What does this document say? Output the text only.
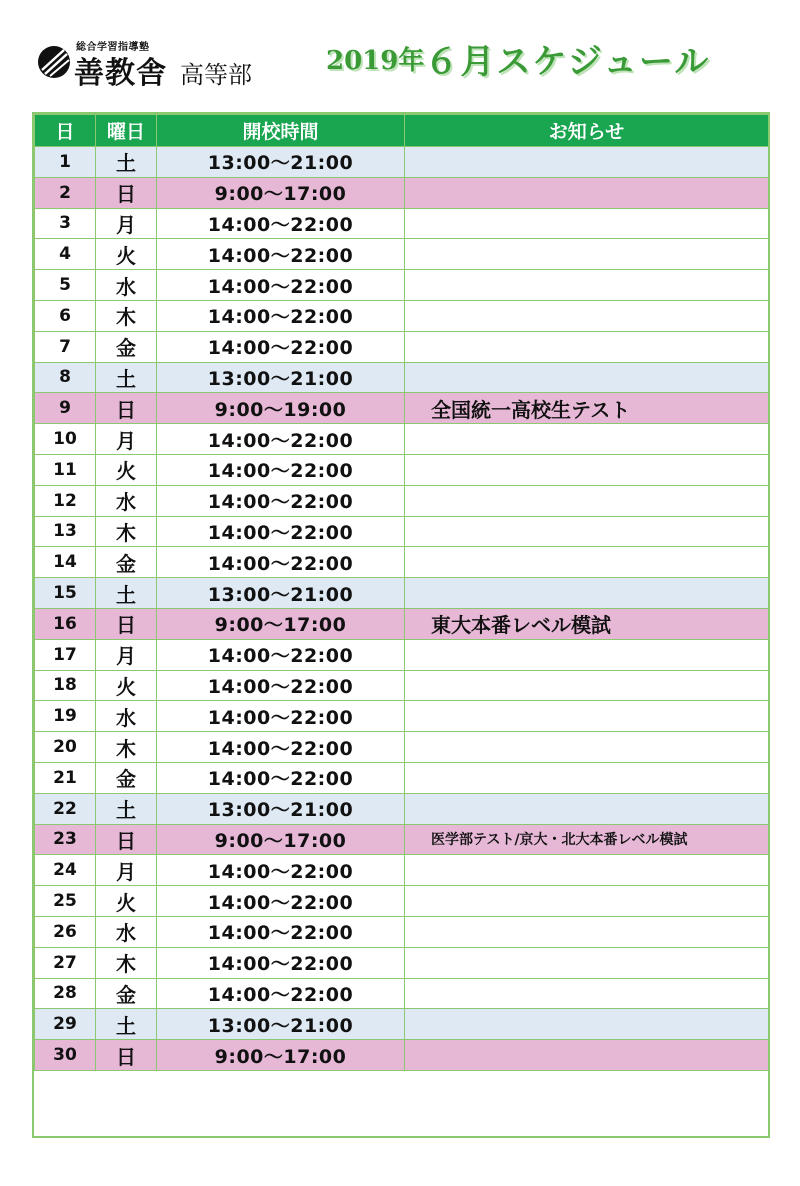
総合学習指導塾
善教舎 高等部	2019年６月スケジュール
日	曜日	開校時間	お知らせ
1	土	13:00〜21:00	
2	日	9:00〜17:00	
3	月	14:00〜22:00	
4	火	14:00〜22:00	
5	水	14:00〜22:00	
6	木	14:00〜22:00	
7	金	14:00〜22:00	
8	土	13:00〜21:00	
9	日	9:00〜19:00	全国統一高校生テスト
10	月	14:00〜22:00	
11	火	14:00〜22:00	
12	水	14:00〜22:00	
13	木	14:00〜22:00	
14	金	14:00〜22:00	
15	土	13:00〜21:00	
16	日	9:00〜17:00	東大本番レベル模試
17	月	14:00〜22:00	
18	火	14:00〜22:00	
19	水	14:00〜22:00	
20	木	14:00〜22:00	
21	金	14:00〜22:00	
22	土	13:00〜21:00	
23	日	9:00〜17:00	医学部テスト/京大・北大本番レベル模試
24	月	14:00〜22:00	
25	火	14:00〜22:00	
26	水	14:00〜22:00	
27	木	14:00〜22:00	
28	金	14:00〜22:00	
29	土	13:00〜21:00	
30	日	9:00〜17:00	
